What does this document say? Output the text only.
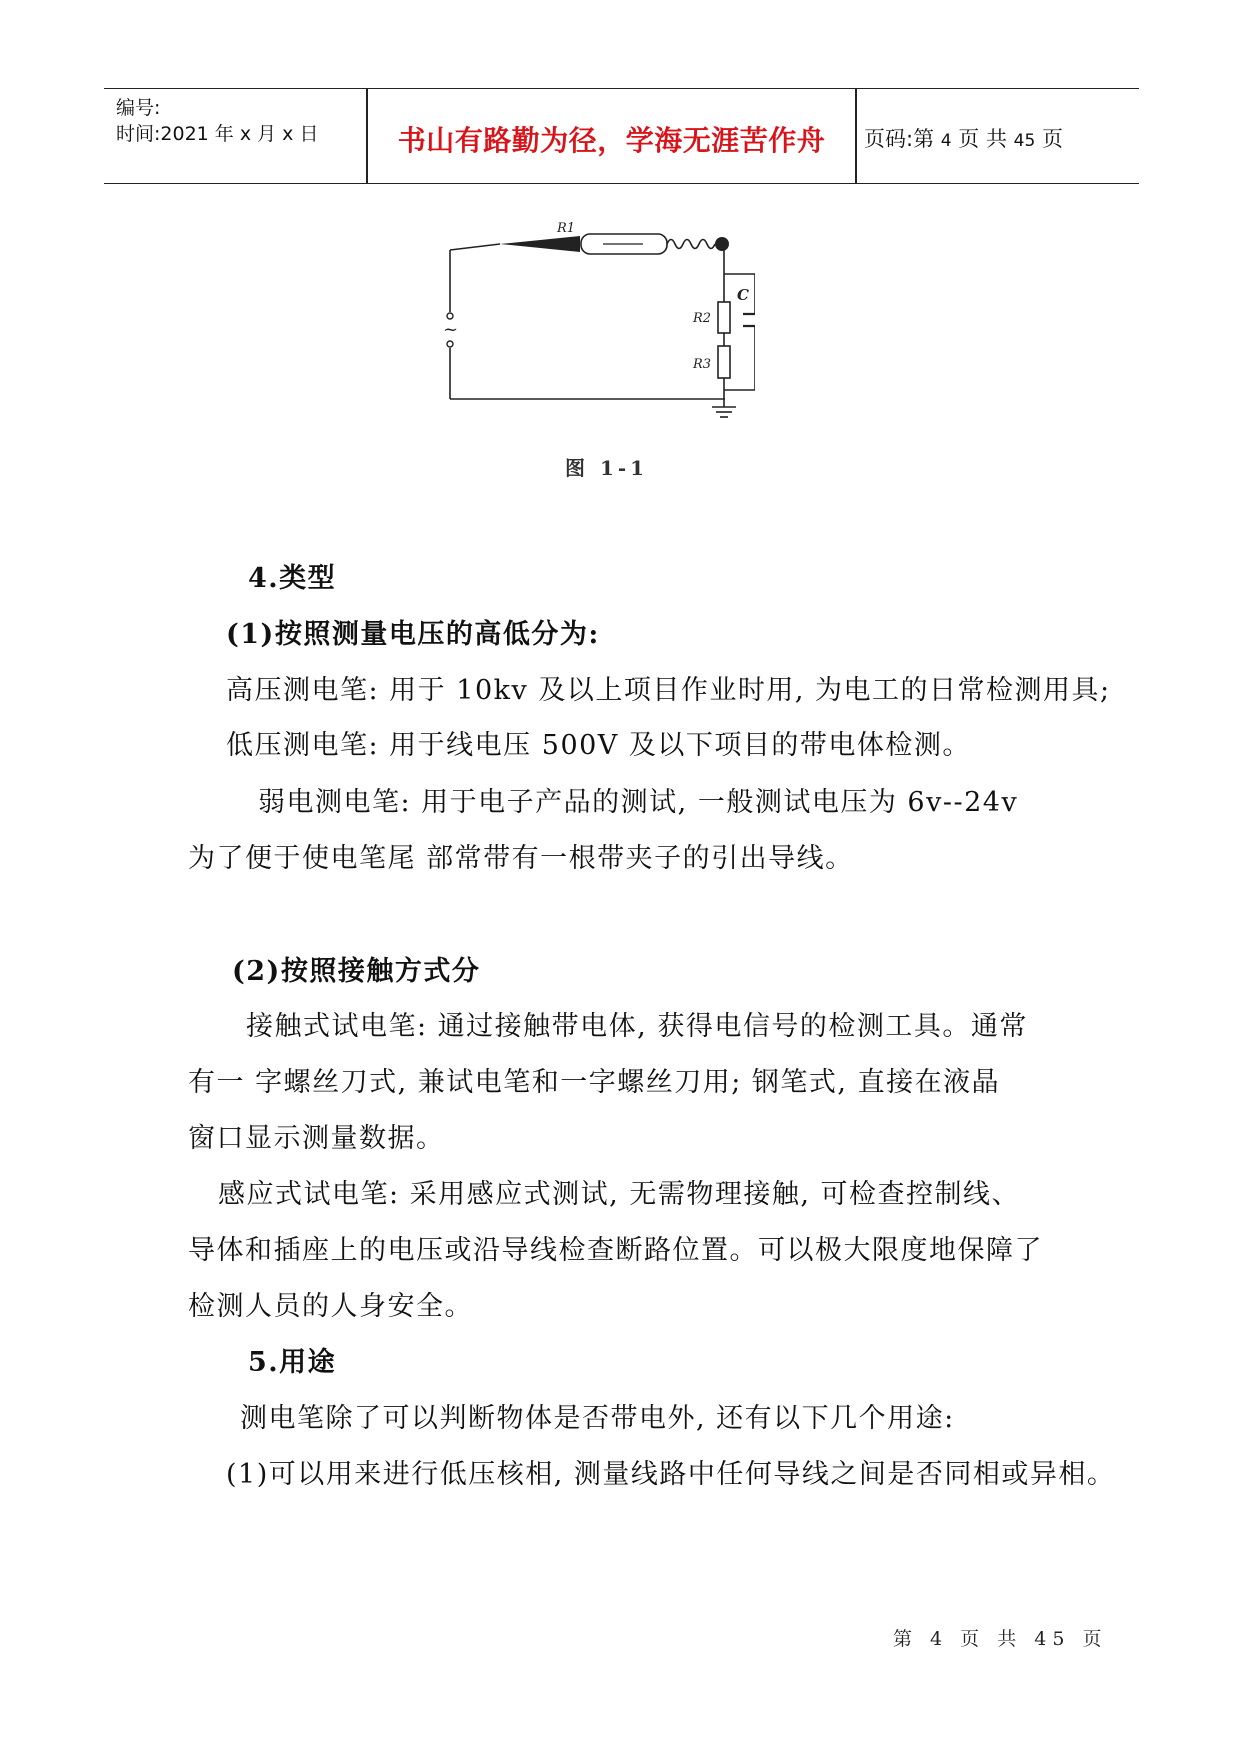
编号:
时间:2021 年 x 月 x 日	书山有路勤为径，学海无涯苦作舟	页码:第 4 页 共 45 页
~
R1
R2
R3
C
图 1-1
4.类型
(1)按照测量电压的高低分为:
高压测电笔: 用于 10kv 及以上项目作业时用, 为电工的日常检测用具;
低压测电笔: 用于线电压 500V 及以下项目的带电体检测。
弱电测电笔: 用于电子产品的测试, 一般测试电压为 6v--24v
为了便于使电笔尾 部常带有一根带夹子的引出导线。
(2)按照接触方式分
接触式试电笔: 通过接触带电体, 获得电信号的检测工具。通常
有一 字螺丝刀式, 兼试电笔和一字螺丝刀用; 钢笔式, 直接在液晶
窗口显示测量数据。
感应式试电笔: 采用感应式测试, 无需物理接触, 可检查控制线、
导体和插座上的电压或沿导线检查断路位置。可以极大限度地保障了
检测人员的人身安全。
5.用途
测电笔除了可以判断物体是否带电外, 还有以下几个用途:
(1)可以用来进行低压核相, 测量线路中任何导线之间是否同相或异相。
第 4 页 共 45 页
